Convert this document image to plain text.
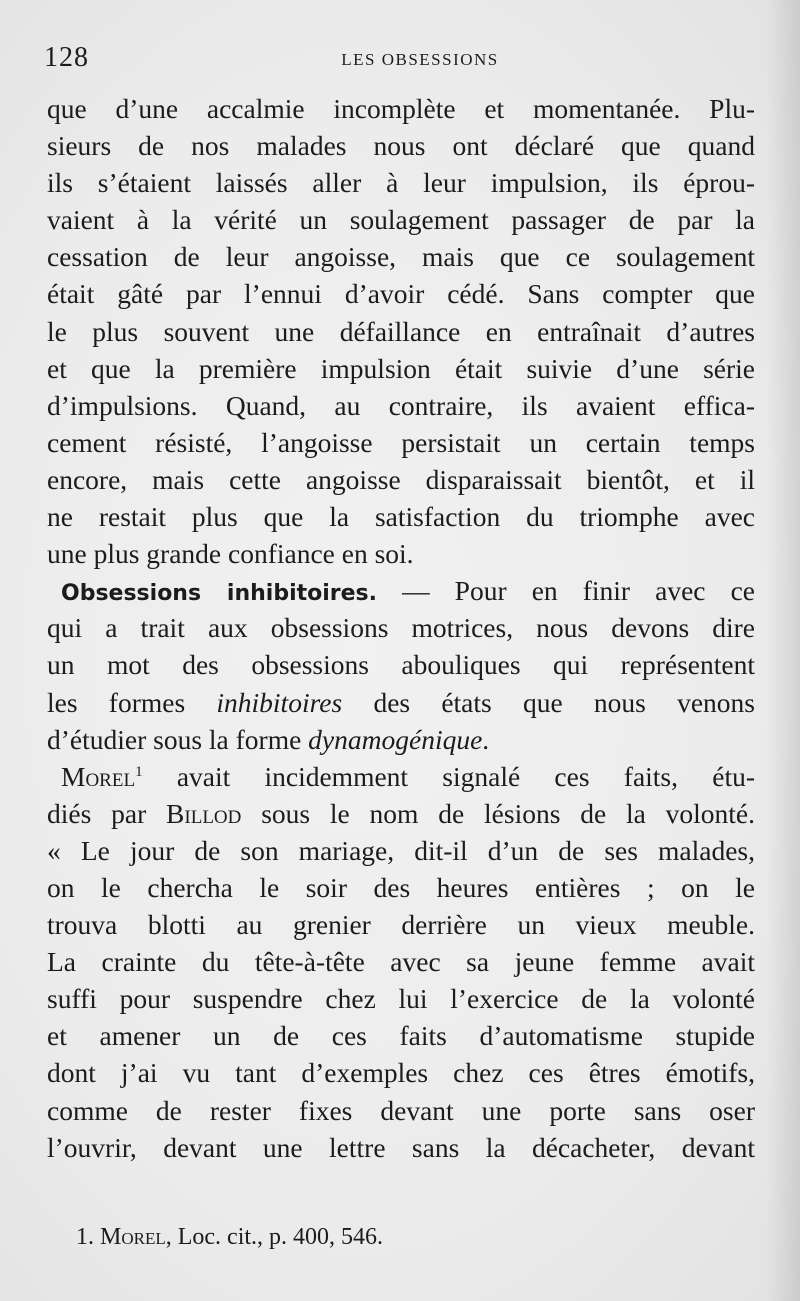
128	LES OBSESSIONS
que d’une accalmie incomplète et momentanée. Plu-
sieurs de nos malades nous ont déclaré que quand
ils s’étaient laissés aller à leur impulsion, ils éprou-
vaient à la vérité un soulagement passager de par la
cessation de leur angoisse, mais que ce soulagement
était gâté par l’ennui d’avoir cédé. Sans compter que
le plus souvent une défaillance en entraînait d’autres
et que la première impulsion était suivie d’une série
d’impulsions. Quand, au contraire, ils avaient effica-
cement résisté, l’angoisse persistait un certain temps
encore, mais cette angoisse disparaissait bientôt, et il
ne restait plus que la satisfaction du triomphe avec
une plus grande confiance en soi.
Obsessions inhibitoires. — Pour en finir avec ce
qui a trait aux obsessions motrices, nous devons dire
un mot des obsessions abouliques qui représentent
les formes inhibitoires des états que nous venons
d’étudier sous la forme dynamogénique.
Morel$^1$ avait incidemment signalé ces faits, étu-
diés par Billod sous le nom de lésions de la volonté.
« Le jour de son mariage, dit-il d’un de ses malades,
on le chercha le soir des heures entières ; on le
trouva blotti au grenier derrière un vieux meuble.
La crainte du tête-à-tête avec sa jeune femme avait
suffi pour suspendre chez lui l’exercice de la volonté
et amener un de ces faits d’automatisme stupide
dont j’ai vu tant d’exemples chez ces êtres émotifs,
comme de rester fixes devant une porte sans oser
l’ouvrir, devant une lettre sans la décacheter, devant
1. Morel, Loc. cit., p. 400, 546.
